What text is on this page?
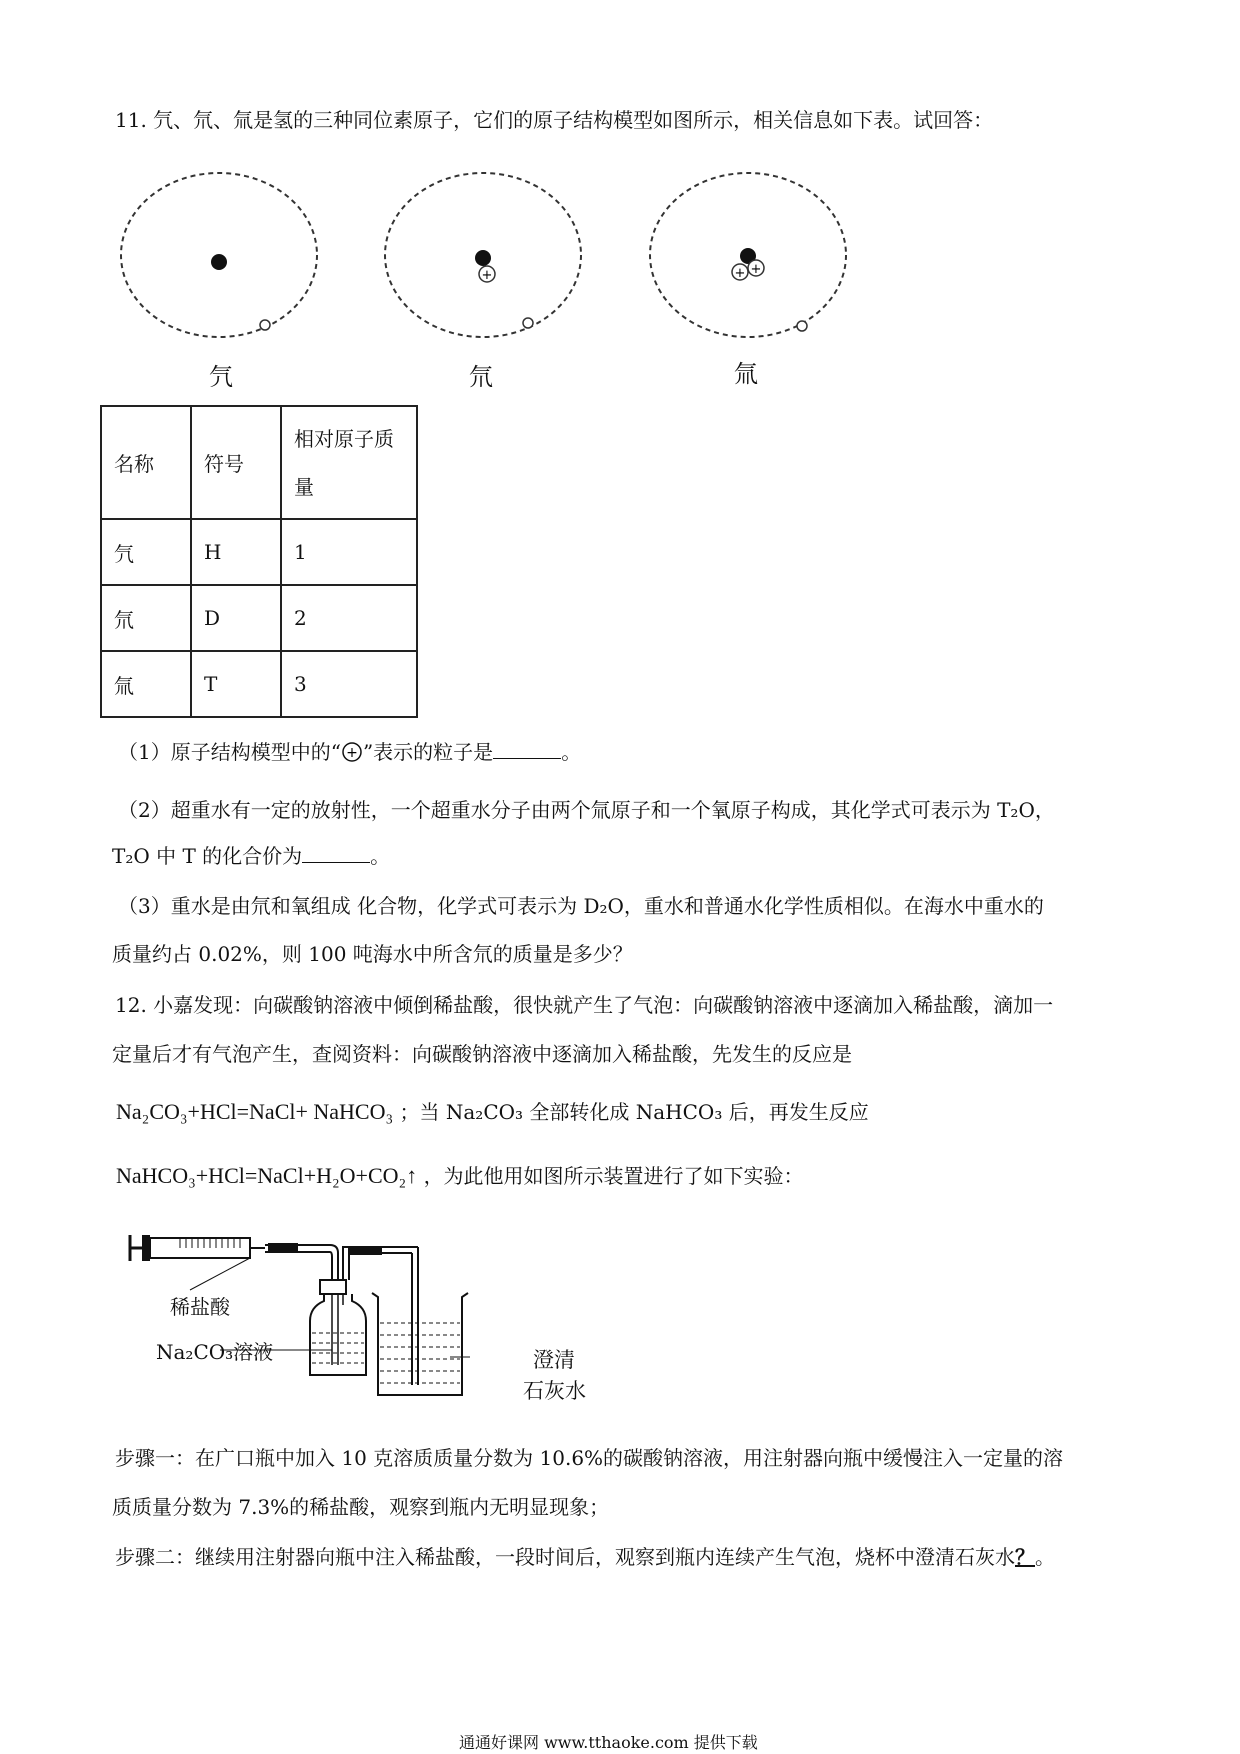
11. 氕、氘、氚是氢的三种同位素原子，它们的原子结构模型如图所示，相关信息如下表。试回答：
+	+ +
氕	氘	氚
名称	符号	相对原子质量

氕	H	1
氘	D	2
氚	T	3
（1）原子结构模型中的“ + ”表示的粒子是	。
（2）超重水有一定的放射性，一个超重水分子由两个氚原子和一个氧原子构成，其化学式可表示为 T₂O，
T₂O 中 T 的化合价为	。
（3）重水是由氘和氧组成 化合物，化学式可表示为 D₂O，重水和普通水化学性质相似。在海水中重水的
质量约占 0.02%，则 100 吨海水中所含氘的质量是多少？
12. 小嘉发现：向碳酸钠溶液中倾倒稀盐酸，很快就产生了气泡：向碳酸钠溶液中逐滴加入稀盐酸，滴加一
定量后才有气泡产生，查阅资料：向碳酸钠溶液中逐滴加入稀盐酸，先发生的反应是
Na₂CO₃+HCl=NaCl+ NaHCO₃ ；当 Na₂CO₃ 全部转化成 NaHCO₃ 后，再发生反应
NaHCO₃+HCl=NaCl+H₂O+CO₂↑ ，为此他用如图所示装置进行了如下实验：
稀盐酸
Na₂CO₃溶液	澄清
石灰水
步骤一：在广口瓶中加入 10 克溶质质量分数为 10.6%的碳酸钠溶液，用注射器向瓶中缓慢注入一定量的溶
质质量分数为 7.3%的稀盐酸，观察到瓶内无明显现象；
步骤二：继续用注射器向瓶中注入稀盐酸，一段时间后，观察到瓶内连续产生气泡，烧杯中澄清石灰水？。
通通好课网 www.tthaoke.com 提供下载
